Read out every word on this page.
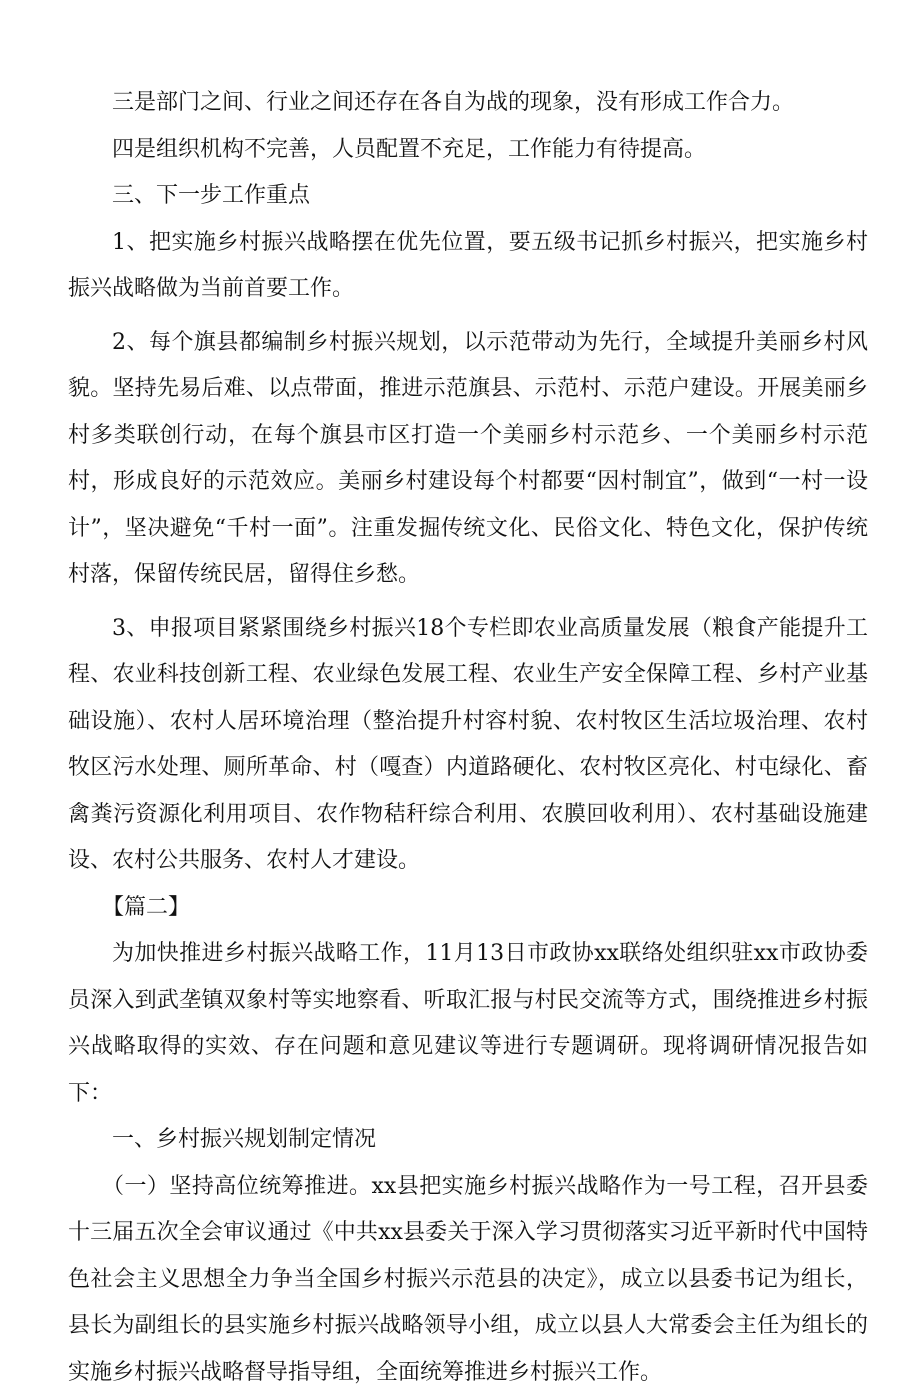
三是部门之间、行业之间还存在各自为战的现象，没有形成工作合力。

四是组织机构不完善，人员配置不充足，工作能力有待提高。

三、下一步工作重点

1、把实施乡村振兴战略摆在优先位置，要五级书记抓乡村振兴，把实施乡村振兴战略做为当前首要工作。

2、每个旗县都编制乡村振兴规划，以示范带动为先行，全域提升美丽乡村风貌。坚持先易后难、以点带面，推进示范旗县、示范村、示范户建设。开展美丽乡村多类联创行动，在每个旗县市区打造一个美丽乡村示范乡、一个美丽乡村示范村，形成良好的示范效应。美丽乡村建设每个村都要“因村制宜”，做到“一村一设计”，坚决避免“千村一面”。注重发掘传统文化、民俗文化、特色文化，保护传统村落，保留传统民居，留得住乡愁。

3、申报项目紧紧围绕乡村振兴18个专栏即农业高质量发展（粮食产能提升工程、农业科技创新工程、农业绿色发展工程、农业生产安全保障工程、乡村产业基础设施）、农村人居环境治理（整治提升村容村貌、农村牧区生活垃圾治理、农村牧区污水处理、厕所革命、村（嘎查）内道路硬化、农村牧区亮化、村屯绿化、畜禽粪污资源化利用项目、农作物秸秆综合利用、农膜回收利用）、农村基础设施建设、农村公共服务、农村人才建设。

【篇二】

为加快推进乡村振兴战略工作，11月13日市政协xx联络处组织驻xx市政协委员深入到武垄镇双象村等实地察看、听取汇报与村民交流等方式，围绕推进乡村振兴战略取得的实效、存在问题和意见建议等进行专题调研。现将调研情况报告如下：

一、乡村振兴规划制定情况

（一）坚持高位统筹推进。xx县把实施乡村振兴战略作为一号工程，召开县委十三届五次全会审议通过《中共xx县委关于深入学习贯彻落实习近平新时代中国特色社会主义思想全力争当全国乡村振兴示范县的决定》，成立以县委书记为组长，县长为副组长的县实施乡村振兴战略领导小组，成立以县人大常委会主任为组长的实施乡村振兴战略督导指导组，全面统筹推进乡村振兴工作。
